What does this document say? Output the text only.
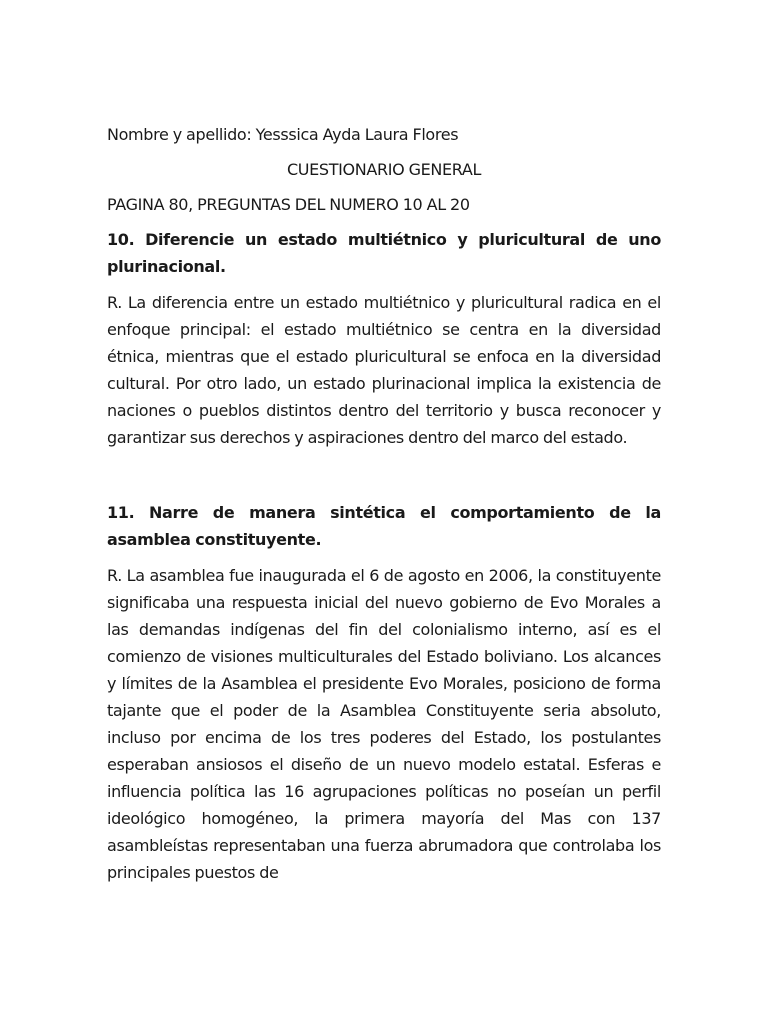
Nombre y apellido: Yesssica Ayda Laura Flores

CUESTIONARIO GENERAL

PAGINA 80, PREGUNTAS DEL NUMERO 10 AL 20

10. Diferencie un estado multiétnico y pluricultural de uno plurinacional.

R. La diferencia entre un estado multiétnico y pluricultural radica en el enfoque principal: el estado multiétnico se centra en la diversidad étnica, mientras que el estado pluricultural se enfoca en la diversidad cultural. Por otro lado, un estado plurinacional implica la existencia de naciones o pueblos distintos dentro del territorio y busca reconocer y garantizar sus derechos y aspiraciones dentro del marco del estado.

11. Narre de manera sintética el comportamiento de la asamblea constituyente.

R. La asamblea fue inaugurada el 6 de agosto en 2006, la constituyente significaba una respuesta inicial del nuevo gobierno de Evo Morales a las demandas indígenas del fin del colonialismo interno, así es el comienzo de visiones multiculturales del Estado boliviano. Los alcances y límites de la Asamblea el presidente Evo Morales, posiciono de forma tajante que el poder de la Asamblea Constituyente seria absoluto, incluso por encima de los tres poderes del Estado, los postulantes esperaban ansiosos el diseño de un nuevo modelo estatal. Esferas e influencia política las 16 agrupaciones políticas no poseían un perfil ideológico homogéneo, la primera mayoría del Mas con 137 asambleístas representaban una fuerza abrumadora que controlaba los principales puestos de
